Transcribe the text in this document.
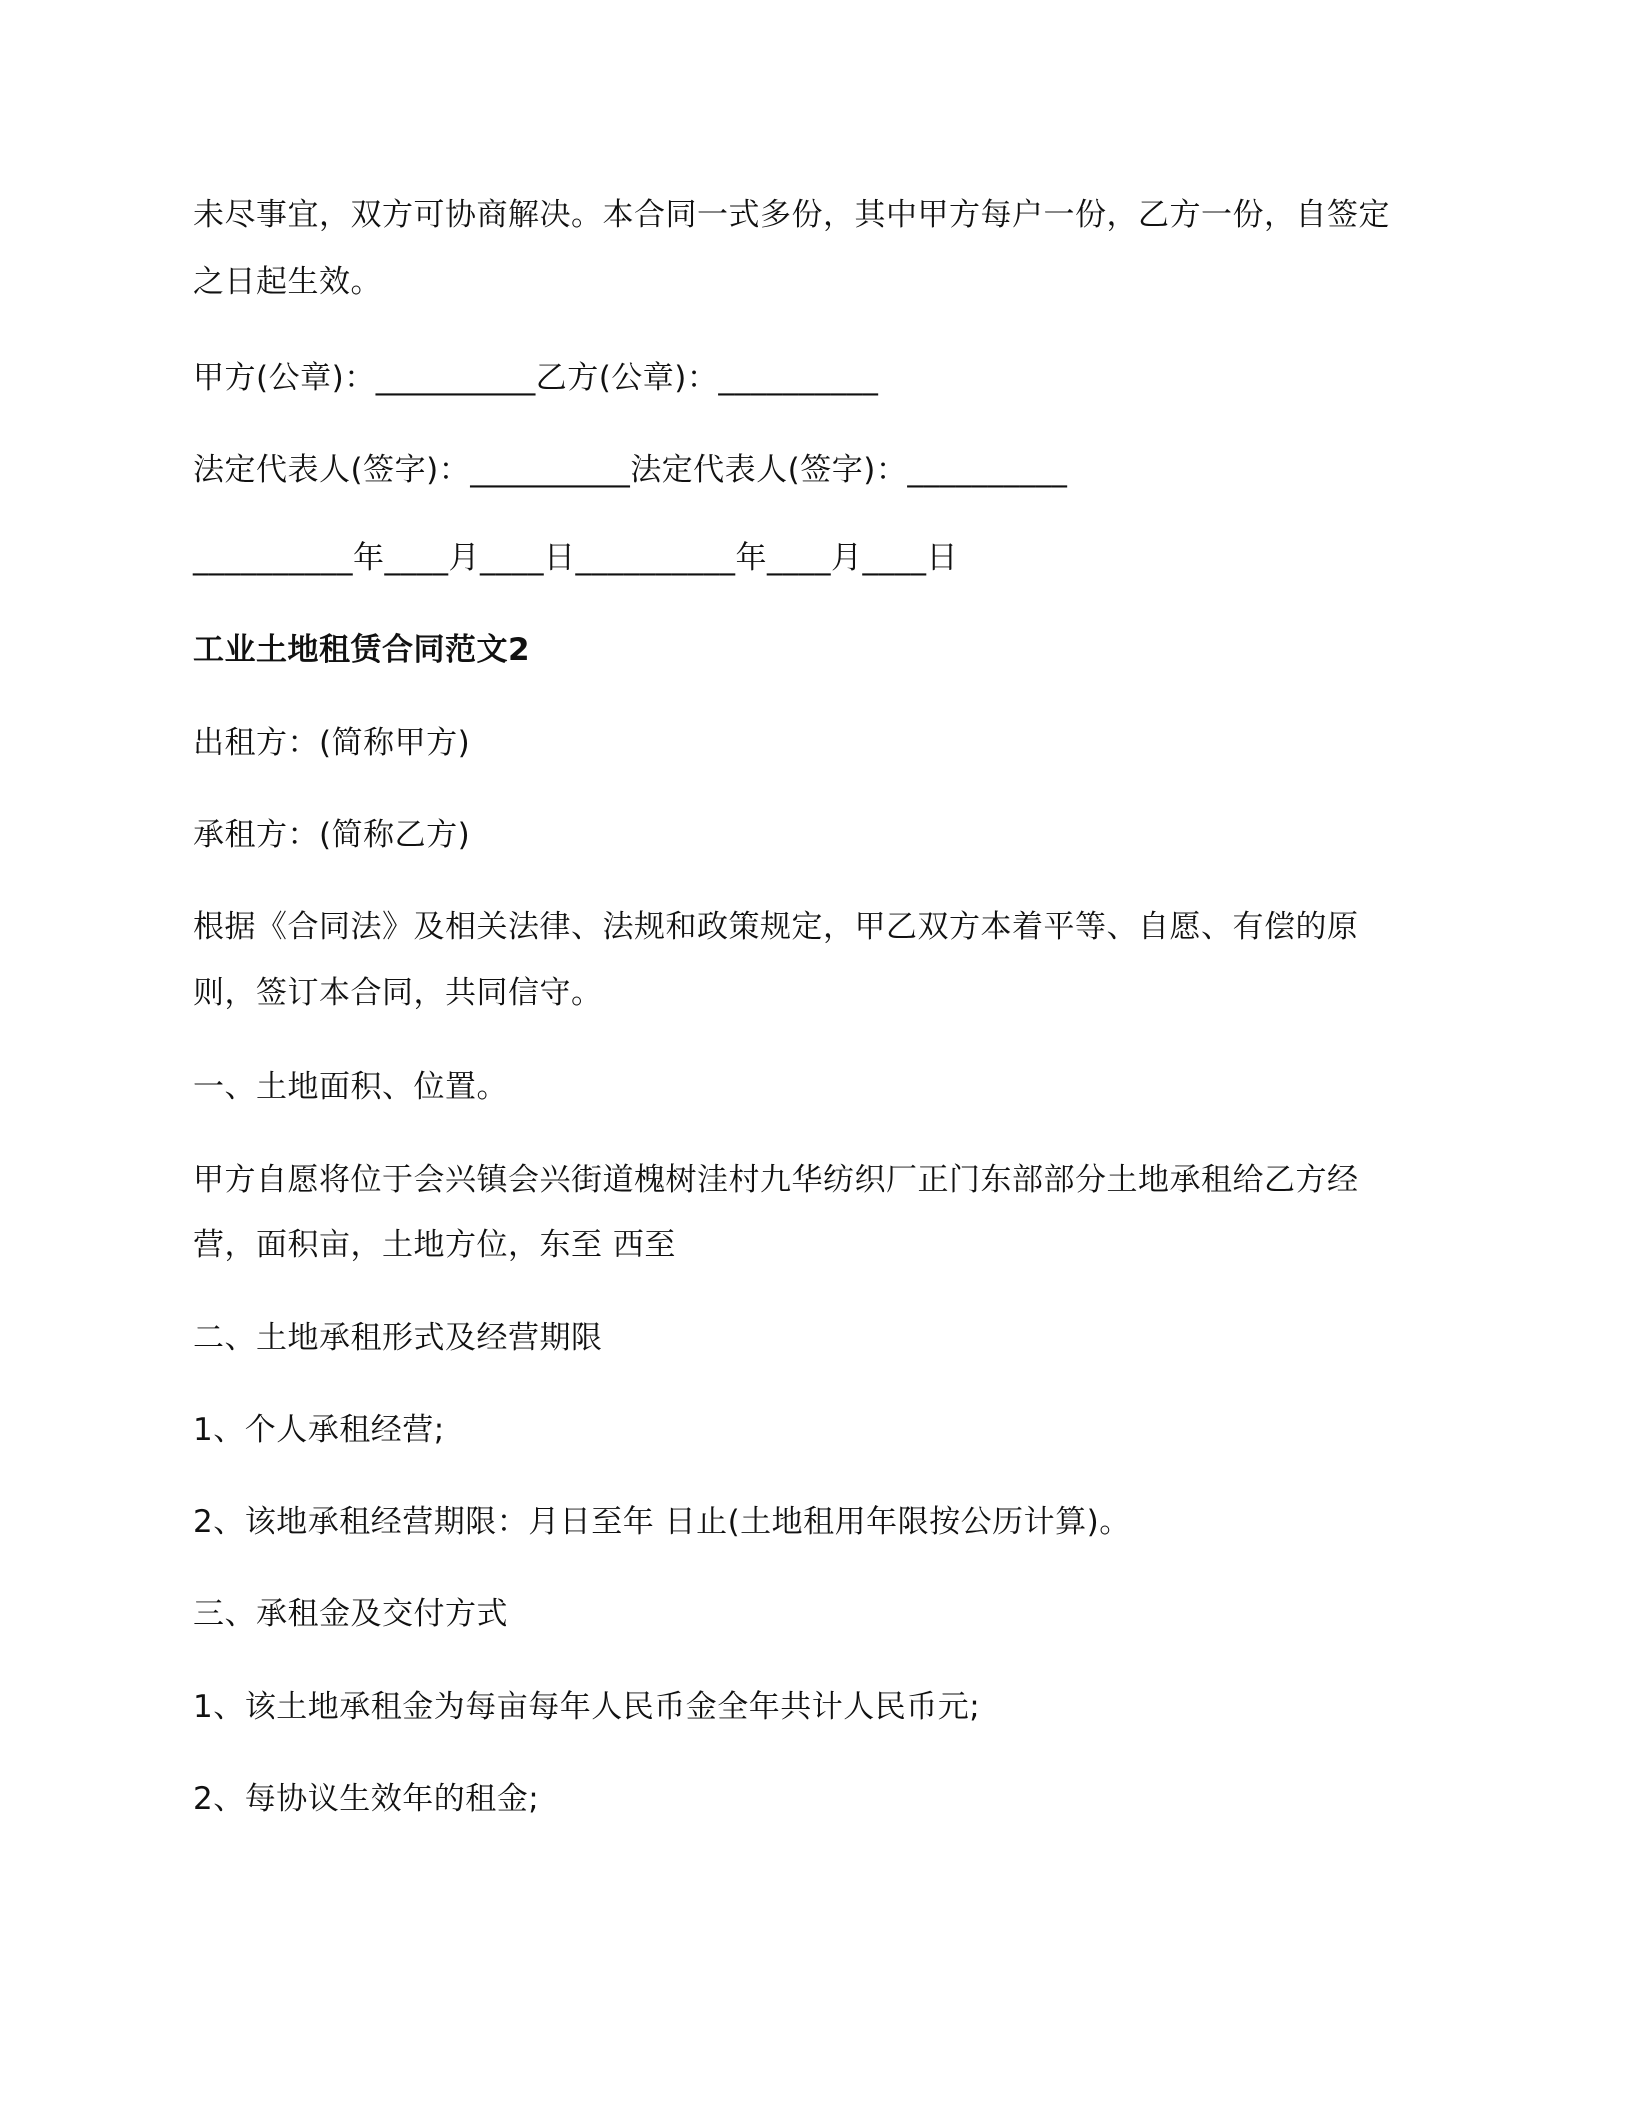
未尽事宜，双方可协商解决。本合同一式多份，其中甲方每户一份，乙方一份，自签定
之日起生效。
甲方(公章)：__________乙方(公章)：__________
法定代表人(签字)：__________法定代表人(签字)：__________
__________年____月____日__________年____月____日
工业土地租赁合同范文2
出租方：(简称甲方)
承租方：(简称乙方)
根据《合同法》及相关法律、法规和政策规定，甲乙双方本着平等、自愿、有偿的原
则，签订本合同，共同信守。
一、土地面积、位置。
甲方自愿将位于会兴镇会兴街道槐树洼村九华纺织厂正门东部部分土地承租给乙方经
营，面积亩，土地方位，东至 西至
二、土地承租形式及经营期限
1、个人承租经营;
2、该地承租经营期限：月日至年 日止(土地租用年限按公历计算)。
三、承租金及交付方式
1、该土地承租金为每亩每年人民币金全年共计人民币元;
2、每协议生效年的租金;
